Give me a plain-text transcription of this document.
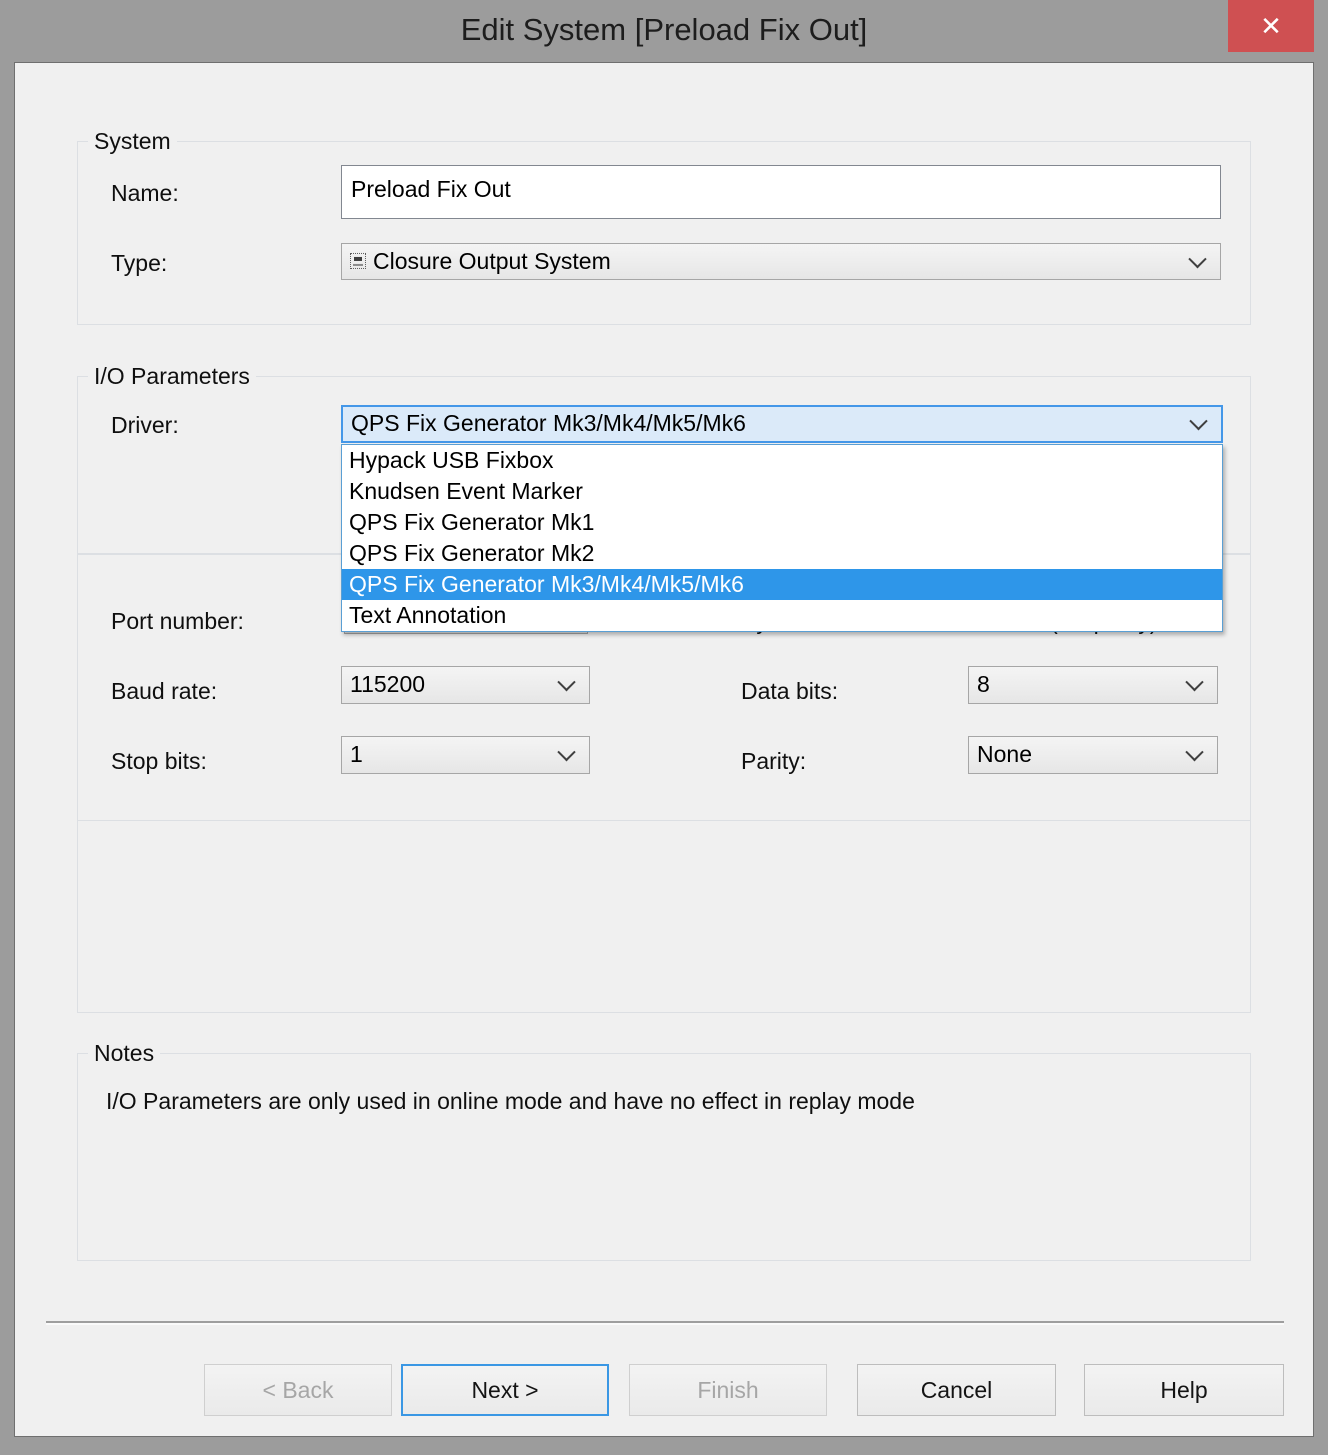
Edit System [Preload Fix Out]	✕
System
Name:	Preload Fix Out
Type:	Closure Output System
I/O Parameters
Driver:	QPS Fix Generator Mk3/Mk4/Mk5/Mk6
Port number:
Baud rate:	115200	Data bits:	8
Stop bits:	1	Parity:	None
Hypack USB Fixbox
Knudsen Event Marker
QPS Fix Generator Mk1
QPS Fix Generator Mk2
QPS Fix Generator Mk3/Mk4/Mk5/Mk6
Text Annotation
Notes
I/O Parameters are only used in online mode and have no effect in replay mode
< Back	Next >	Finish	Cancel	Help
